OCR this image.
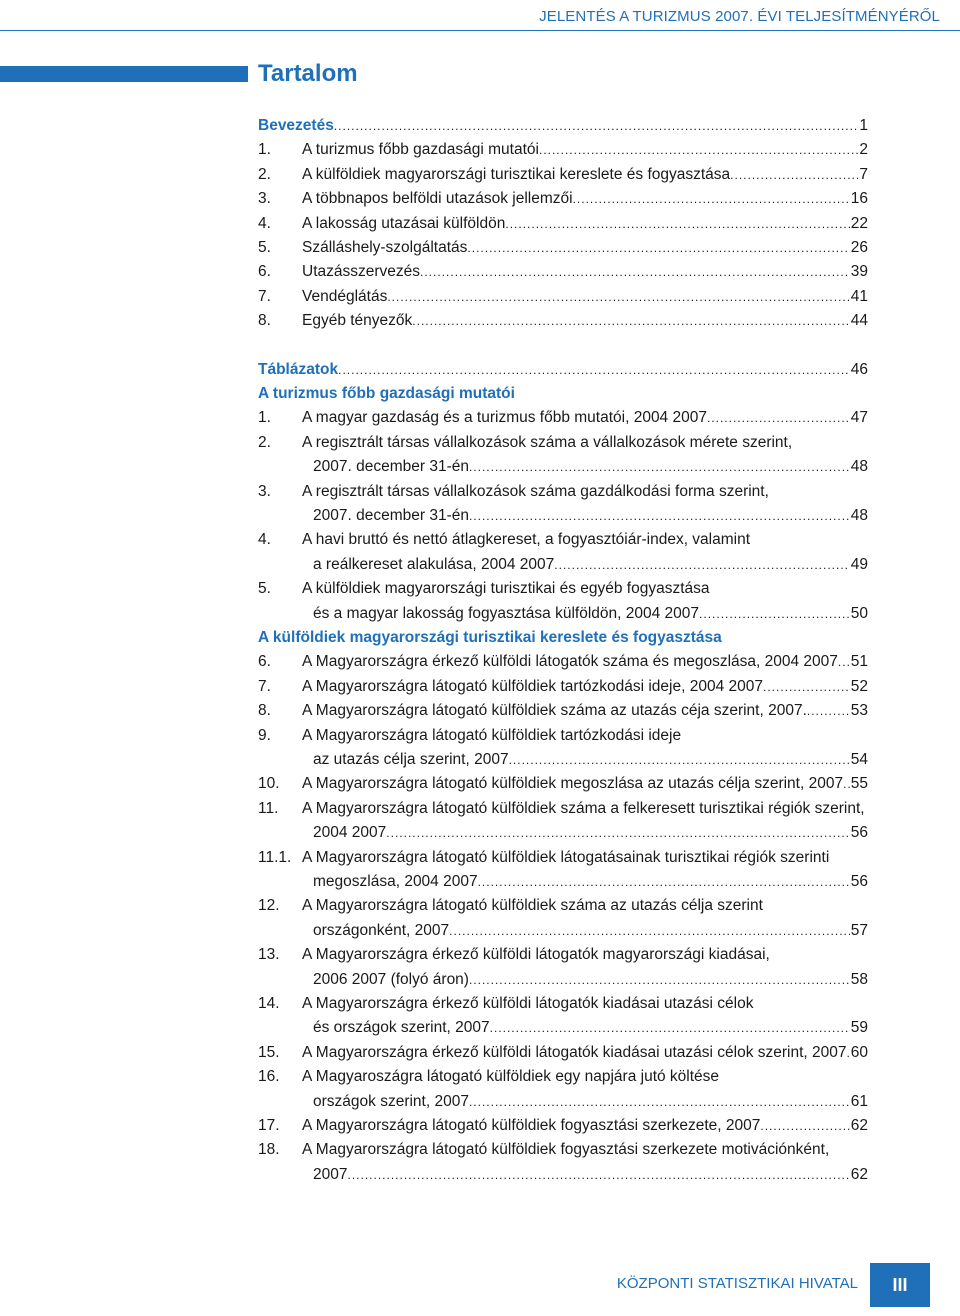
JELENTÉS A TURIZMUS 2007. ÉVI TELJESÍTMÉNYÉRŐL
Tartalom
Bevezetés .....	1
1.	A turizmus főbb gazdasági mutatói .....	2
2.	A külföldiek magyarországi turisztikai kereslete és fogyasztása .....	7
3.	A többnapos belföldi utazások jellemzői .....	16
4.	A lakosság utazásai külföldön .....	22
5.	Szálláshely-szolgáltatás .....	26
6.	Utazásszervezés .....	39
7.	Vendéglátás .....	41
8.	Egyéb tényezők .....	44
Táblázatok .....	46
A turizmus főbb gazdasági mutatói
1.	A magyar gazdaság és a turizmus főbb mutatói, 2004 2007 .....	47
2.	A regisztrált társas vállalkozások száma a vállalkozások mérete szerint,
2007. december 31-én .....	48
3.	A regisztrált társas vállalkozások száma gazdálkodási forma szerint,
2007. december 31-én .....	48
4.	A havi bruttó és nettó átlagkereset, a fogyasztóiár-index, valamint
a reálkereset alakulása, 2004 2007 .....	49
5.	A külföldiek magyarországi turisztikai és egyéb fogyasztása
és a magyar lakosság fogyasztása külföldön, 2004 2007 .....	50
A külföldiek magyarországi turisztikai kereslete és fogyasztása
6.	A Magyarországra érkező külföldi látogatók száma és megoszlása, 2004 2007 ..... 51
7.	A Magyarországra látogató külföldiek tartózkodási ideje, 2004 2007 .....	52
8.	A Magyarországra látogató külföldiek száma az utazás céja szerint, 2007. .....	53
9.	A Magyarországra látogató külföldiek tartózkodási ideje
az utazás célja szerint, 2007 .....	54
10.	A Magyarországra látogató külföldiek megoszlása az utazás célja szerint, 2007 ..... 55
11.	A Magyarországra látogató külföldiek száma a felkeresett turisztikai régiók szerint,
2004 2007 .....	56
11.1. A Magyarországra látogató külföldiek látogatásainak turisztikai régiók szerinti
megoszlása, 2004 2007 .....	56
12.	A Magyarországra látogató külföldiek száma az utazás célja szerint
országonként, 2007 .....	57
13.	A Magyarországra érkező külföldi látogatók magyarországi kiadásai,
2006 2007 (folyó áron) .....	58
14.	A Magyarországra érkező külföldi látogatók kiadásai utazási célok
és országok szerint, 2007 .....	59
15.	A Magyarországra érkező külföldi látogatók kiadásai utazási célok szerint, 2007 ..... 60
16.	A Magyaroszágra látogató külföldiek egy napjára jutó költése
országok szerint, 2007 .....	61
17.	A Magyarországra látogató külföldiek fogyasztási szerkezete, 2007 .....	62
18.	A Magyarországra látogató külföldiek fogyasztási szerkezete motivációnként,
2007 .....	62
KÖZPONTI STATISZTIKAI HIVATAL	III
